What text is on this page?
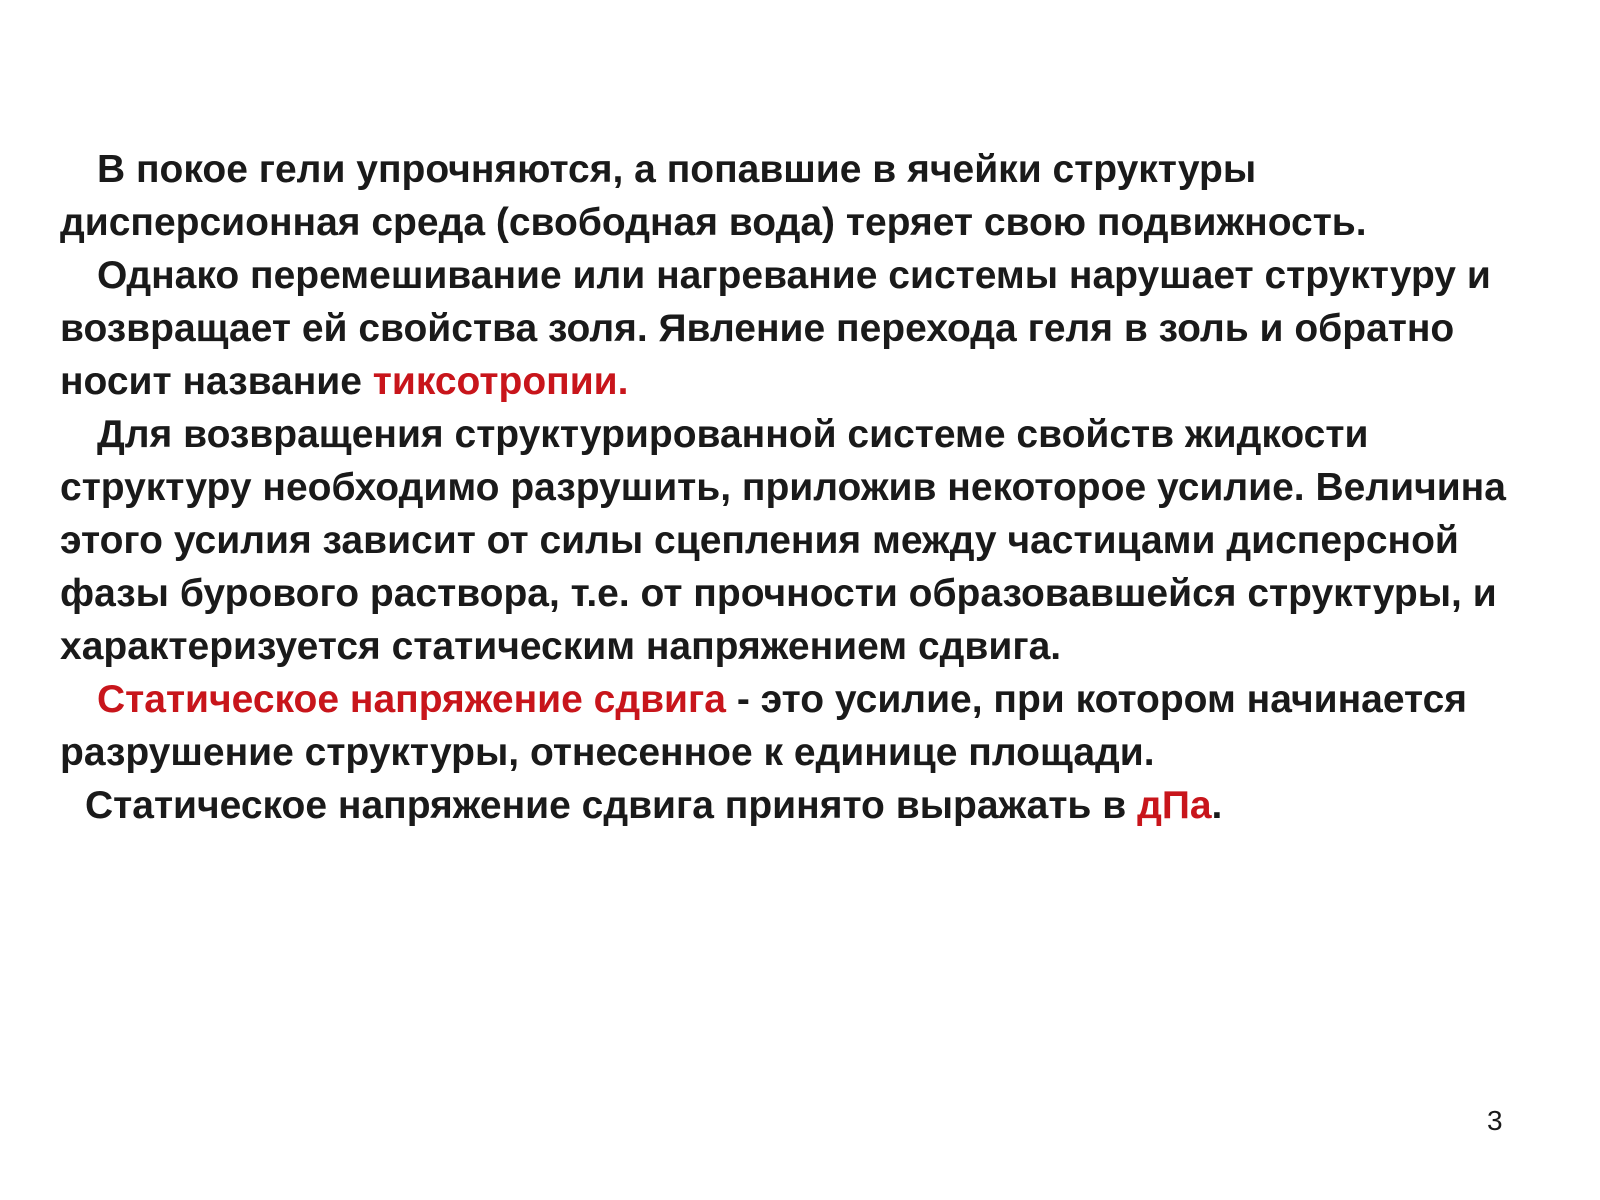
В покое гели упрочняются, а попавшие в ячейки структуры дисперсионная среда (свободная вода) теряет свою подвижность.

Однако перемешивание или нагревание системы нарушает структуру и возвращает ей свойства золя. Явление перехода геля в золь и обратно носит название тиксотропии.

Для возвращения структурированной системе свойств жидкости структуру необходимо разрушить, приложив некоторое усилие. Величина этого усилия зависит от силы сцепления между частицами дисперсной фазы бурового раствора, т.е. от прочности образовавшейся структуры, и характеризуется статическим напряжением сдвига.

Статическое напряжение сдвига - это усилие, при котором начинается разрушение структуры, отнесенное к единице площади.

Статическое напряжение сдвига принято выражать в дПа.

3
